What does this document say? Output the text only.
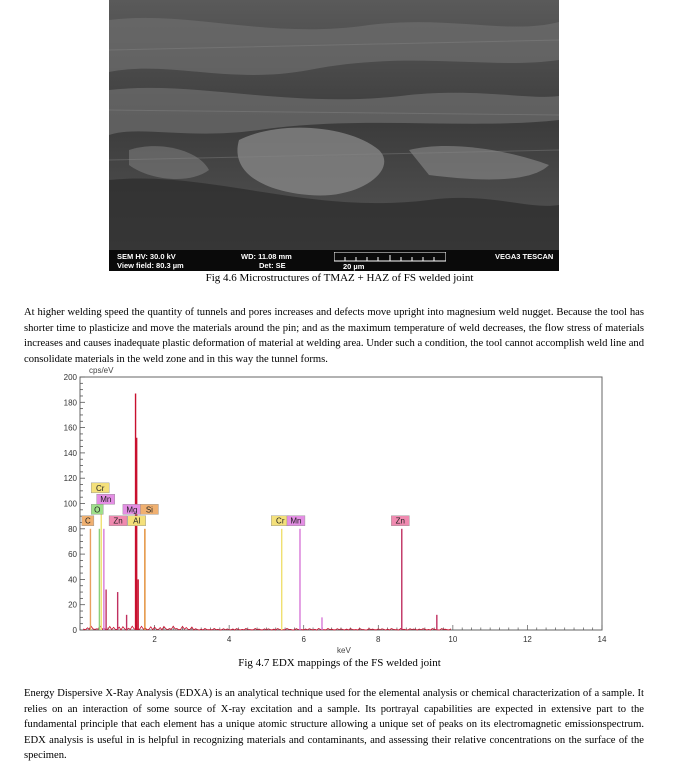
SEM HV: 30.0 kV
View field: 80.3 µm
WD: 11.08 mm
Det: SE	20 µm
VEGA3 TESCAN
Fig 4.6 Microstructures of TMAZ + HAZ of FS welded joint

At higher welding speed the quantity of tunnels and pores increases and defects move upright into magnesium weld nugget. Because the tool has shorter time to plasticize and move the materials around the pin; and as the maximum temperature of weld decreases, the flow stress of materials increases and causes inadequate plastic deformation of material at welding area. Under such a condition, the tool cannot accomplish weld line and consolidate materials in the weld zone and in this way the tunnel forms.

cps/eV
keV
0
20
40
60
80
100
120
140
160
180
200
2	4	6	8	10	12	14
Cr
Mn
O	Mg Si
C	Zn Al	Cr Mn	Zn
Fig 4.7 EDX mappings of the FS welded joint

Energy Dispersive X-Ray Analysis (EDXA) is an analytical technique used for the elemental analysis or chemical characterization of a sample. It relies on an interaction of some source of X-ray excitation and a sample. Its portrayal capabilities are expected in extensive part to the fundamental principle that each element has a unique atomic structure allowing a unique set of peaks on its electromagnetic emissionspectrum. EDX analysis is useful in is helpful in recognizing materials and contaminants, and assessing their relative concentrations on the surface of the specimen.
